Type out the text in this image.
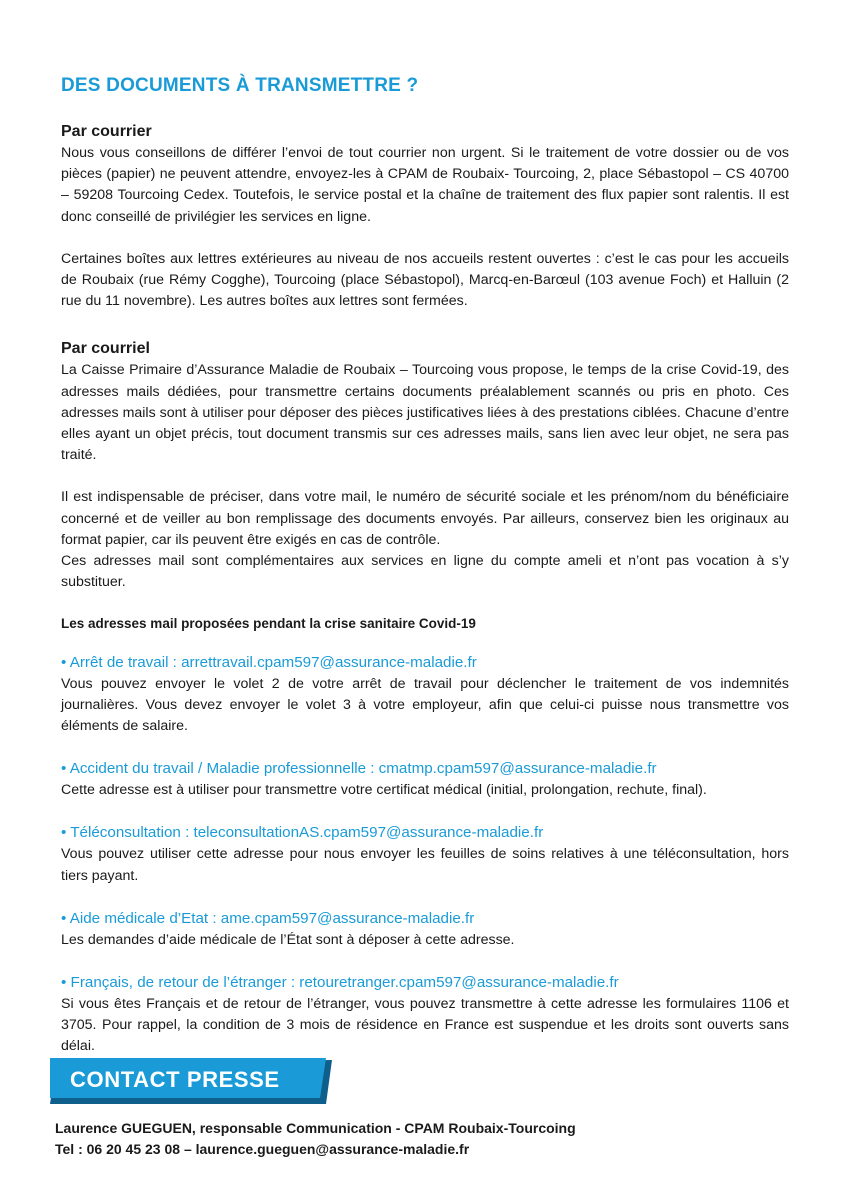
DES DOCUMENTS À TRANSMETTRE ?
Par courrier

Nous vous conseillons de différer l’envoi de tout courrier non urgent. Si le traitement de votre dossier ou de vos pièces (papier) ne peuvent attendre, envoyez-les à CPAM de Roubaix- Tourcoing, 2, place Sébastopol – CS 40700 – 59208 Tourcoing Cedex. Toutefois, le service postal et la chaîne de traitement des flux papier sont ralentis. Il est donc conseillé de privilégier les services en ligne.

Certaines boîtes aux lettres extérieures au niveau de nos accueils restent ouvertes : c’est le cas pour les accueils de Roubaix (rue Rémy Cogghe), Tourcoing (place Sébastopol), Marcq-en-Barœul (103 avenue Foch) et Halluin (2 rue du 11 novembre). Les autres boîtes aux lettres sont fermées.

Par courriel

La Caisse Primaire d’Assurance Maladie de Roubaix – Tourcoing vous propose, le temps de la crise Covid-19, des adresses mails dédiées, pour transmettre certains documents préalablement scannés ou pris en photo. Ces adresses mails sont à utiliser pour déposer des pièces justificatives liées à des prestations ciblées. Chacune d’entre elles ayant un objet précis, tout document transmis sur ces adresses mails, sans lien avec leur objet, ne sera pas traité.

Il est indispensable de préciser, dans votre mail, le numéro de sécurité sociale et les prénom/nom du bénéficiaire concerné et de veiller au bon remplissage des documents envoyés. Par ailleurs, conservez bien les originaux au format papier, car ils peuvent être exigés en cas de contrôle.

Ces adresses mail sont complémentaires aux services en ligne du compte ameli et n’ont pas vocation à s’y substituer.

Les adresses mail proposées pendant la crise sanitaire Covid-19

• Arrêt de travail : arrettravail.cpam597@assurance-maladie.fr

Vous pouvez envoyer le volet 2 de votre arrêt de travail pour déclencher le traitement de vos indemnités journalières. Vous devez envoyer le volet 3 à votre employeur, afin que celui-ci puisse nous transmettre vos éléments de salaire.

• Accident du travail / Maladie professionnelle : cmatmp.cpam597@assurance-maladie.fr

Cette adresse est à utiliser pour transmettre votre certificat médical (initial, prolongation, rechute, final).

• Téléconsultation : teleconsultationAS.cpam597@assurance-maladie.fr

Vous pouvez utiliser cette adresse pour nous envoyer les feuilles de soins relatives à une téléconsultation, hors tiers payant.

• Aide médicale d’Etat : ame.cpam597@assurance-maladie.fr

Les demandes d’aide médicale de l’État sont à déposer à cette adresse.

• Français, de retour de l’étranger : retouretranger.cpam597@assurance-maladie.fr

Si vous êtes Français et de retour de l’étranger, vous pouvez transmettre à cette adresse les formulaires 1106 et 3705. Pour rappel, la condition de 3 mois de résidence en France est suspendue et les droits sont ouverts sans délai.

CONTACT PRESSE
Laurence GUEGUEN, responsable Communication - CPAM Roubaix-Tourcoing
Tel : 06 20 45 23 08 – laurence.gueguen@assurance-maladie.fr
